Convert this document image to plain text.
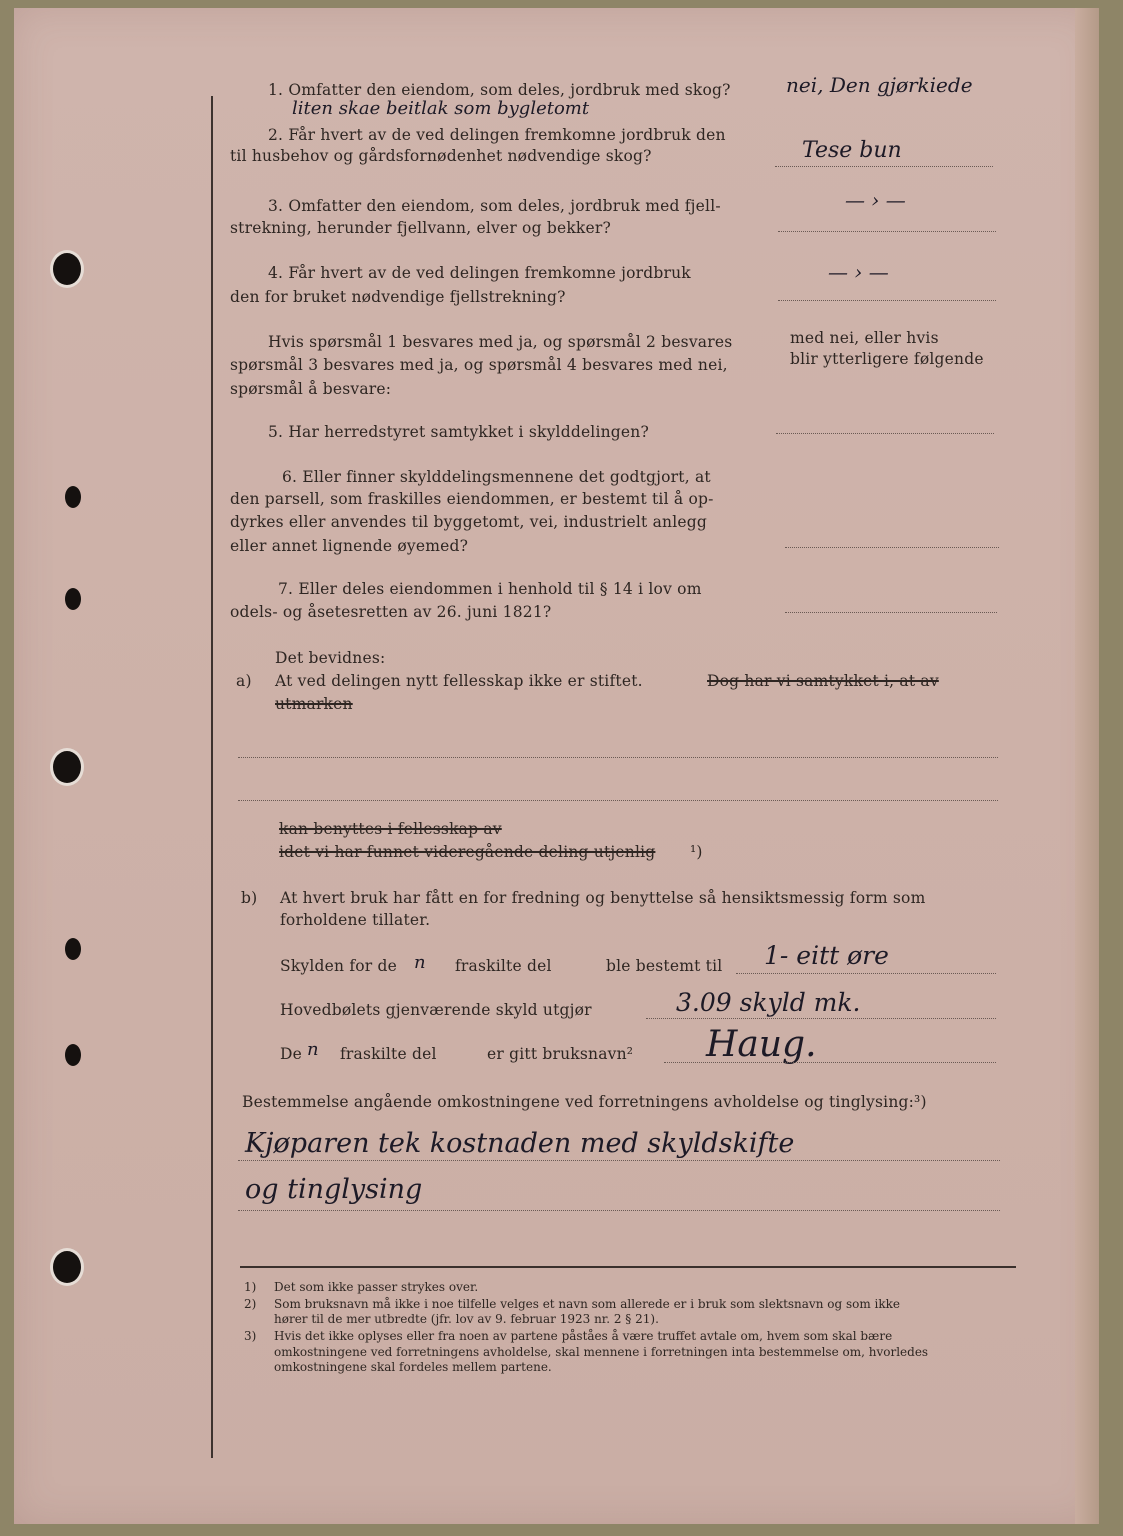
1. Omfatter den eiendom, som deles, jordbruk med skog?	nei, Den gjørkiede
liten skae beitlak som bygletomt
2. Får hvert av de ved delingen fremkomne jordbruk den
til husbehov og gårdsfornødenhet nødvendige skog?	Tese bun
3. Omfatter den eiendom, som deles, jordbruk med fjell-
strekning, herunder fjellvann, elver og bekker?
— › —
4. Får hvert av de ved delingen fremkomne jordbruk
den for bruket nødvendige fjellstrekning?
— › —
Hvis spørsmål 1 besvares med ja, og spørsmål 2 besvares	med nei, eller hvis
spørsmål 3 besvares med ja, og spørsmål 4 besvares med nei,	blir ytterligere følgende
spørsmål å besvare:
5. Har herredstyret samtykket i skylddelingen?
6. Eller finner skylddelingsmennene det godtgjort, at
den parsell, som fraskilles eiendommen, er bestemt til å op-
dyrkes eller anvendes til byggetomt, vei, industrielt anlegg
eller annet lignende øyemed?
7. Eller deles eiendommen i henhold til § 14 i lov om
odels- og åsetesretten av 26. juni 1821?
Det bevidnes:
a) At ved delingen nytt fellesskap ikke er stiftet.	Dog har vi samtykket i, at av
utmarken
kan benyttes i fellesskap av
idet vi har funnet videregående deling utjenlig ¹)
b) At hvert bruk har fått en for fredning og benyttelse så hensiktsmessig form som
forholdene tillater.
Skylden for de n fraskilte del	ble bestemt til 1- eitt øre
Hovedbølets gjenværende skyld utgjør	3.09 skyld mk.
De n fraskilte del	er gitt bruksnavn² Haug.
Bestemmelse angående omkostningene ved forretningens avholdelse og tinglysing:³)
Kjøparen tek kostnaden med skyldskifte
og tinglysing
1) Det som ikke passer strykes over.
2) Som bruksnavn må ikke i noe tilfelle velges et navn som allerede er i bruk som slektsnavn og som ikke
hører til de mer utbredte (jfr. lov av 9. februar 1923 nr. 2 § 21).
3) Hvis det ikke oplyses eller fra noen av partene påståes å være truffet avtale om, hvem som skal bære
omkostningene ved forretningens avholdelse, skal mennene i forretningen inta bestemmelse om, hvorledes
omkostningene skal fordeles mellem partene.
